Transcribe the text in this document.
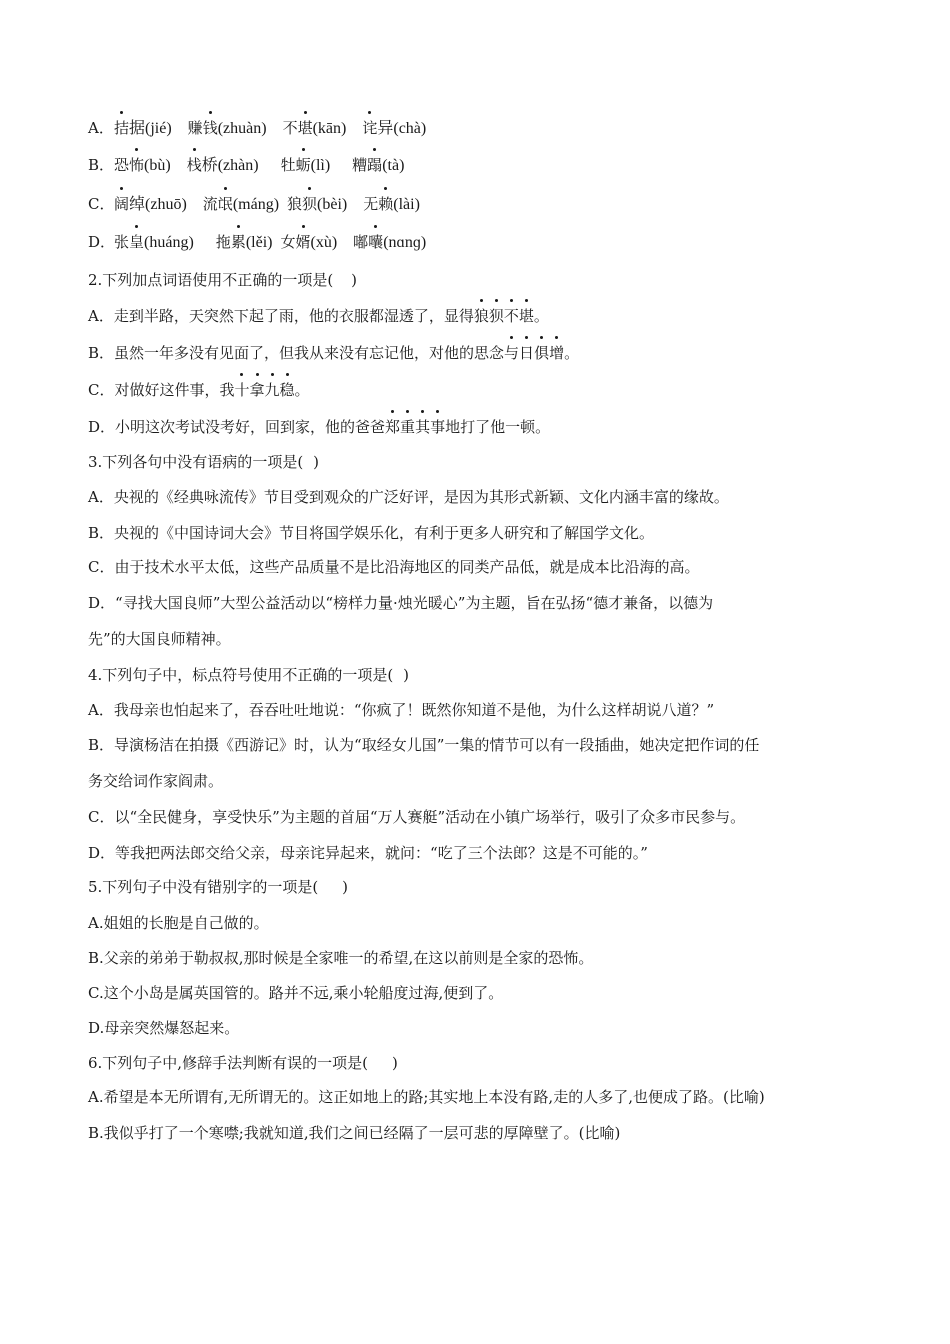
A．
拮据(jié) 赚
钱(zhuàn) 不
堪(kān) 诧异(chà)
B．恐
怖(bù) 栈桥(zhàn) 牡
蛎(lì) 糟
蹋(tà)
C．
阔绰(zhuō) 流
氓(máng) 狼
狈(bèi) 无
赖(lài)
D．张
皇(huáng) 拖
累(lěi) 女
婿(xù) 嘟
囔(nɑnɡ)
2.下列加点词语使用不正确的一项是( )
A．走到半路，天突然下起了雨，他的衣服都湿透了，显得
狼
狈
不
堪。
B．虽然一年多没有见面了，但我从来没有忘记他，对他的思念
与
日
俱
增。
C．对做好这件事，我
十
拿
九
稳。
D．小明这次考试没考好，回到家，他的爸爸
郑
重
其
事地打了他一顿。
3.下列各句中没有语病的一项是( )
A．央视的《经典咏流传》节目受到观众的广泛好评，是因为其形式新颖、文化内涵丰富的缘故。
B．央视的《中国诗词大会》节目将国学娱乐化，有利于更多人研究和了解国学文化。
C．由于技术水平太低，这些产品质量不是比沿海地区的同类产品低，就是成本比沿海的高。
D．“寻找大国良师”大型公益活动以“榜样力量·烛光暖心”为主题，旨在弘扬“德才兼备，以德为
先”的大国良师精神。
4.下列句子中，标点符号使用不正确的一项是( )
A．我母亲也怕起来了，吞吞吐吐地说：“你疯了！既然你知道不是他，为什么这样胡说八道？”
B．导演杨洁在拍摄《西游记》时，认为“取经女儿国”一集的情节可以有一段插曲，她决定把作词的任
务交给词作家阎肃。
C．以“全民健身，享受快乐”为主题的首届“万人赛艇”活动在小镇广场举行，吸引了众多市民参与。
D．等我把两法郎交给父亲，母亲诧异起来，就问：“吃了三个法郎？这是不可能的。”
5.下列句子中没有错别字的一项是( )
A.姐姐的长胞是自己做的。
B.父亲的弟弟于勒叔叔,那时候是全家唯一的希望,在这以前则是全家的恐怖。
C.这个小岛是属英国管的。路并不远,乘小轮船度过海,便到了。
D.母亲突然爆怒起来。
6.下列句子中,修辞手法判断有误的一项是( )
A.希望是本无所谓有,无所谓无的。这正如地上的路;其实地上本没有路,走的人多了,也便成了路。(比喻)
B.我似乎打了一个寒噤;我就知道,我们之间已经隔了一层可悲的厚障壁了。(比喻)
